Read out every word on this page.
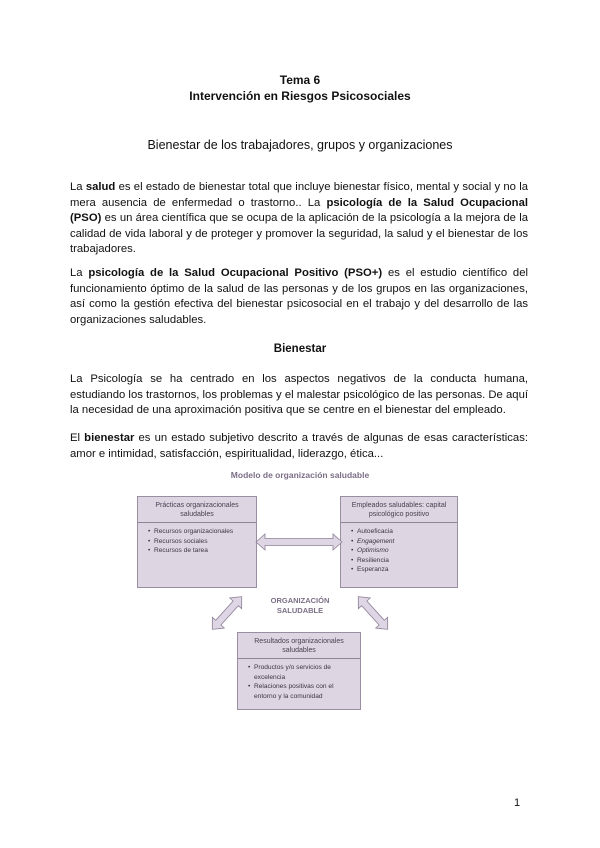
Tema 6
Intervención en Riesgos Psicosociales
Bienestar de los trabajadores, grupos y organizaciones

La salud es el estado de bienestar total que incluye bienestar físico, mental y social y no la mera ausencia de enfermedad o trastorno.. La psicología de la Salud Ocupacional (PSO) es un área científica que se ocupa de la aplicación de la psicología a la mejora de la calidad de vida laboral y de proteger y promover la seguridad, la salud y el bienestar de los trabajadores.

La psicología de la Salud Ocupacional Positivo (PSO+) es el estudio científico del funcionamiento óptimo de la salud de las personas y de los grupos en las organizaciones, así como la gestión efectiva del bienestar psicosocial en el trabajo y del desarrollo de las organizaciones saludables.

Bienestar

La Psicología se ha centrado en los aspectos negativos de la conducta humana, estudiando los trastornos, los problemas y el malestar psicológico de las personas. De aquí la necesidad de una aproximación positiva que se centre en el bienestar del empleado.

El bienestar es un estado subjetivo descrito a través de algunas de esas características: amor e intimidad, satisfacción, espiritualidad, liderazgo, ética...

Modelo de organización saludable
Prácticas organizacionales saludables
• Recursos organizacionales
• Recursos sociales
• Recursos de tarea
Empleados saludables: capital psicológico positivo
• Autoeficacia
• Engagement
• Optimismo
• Resiliencia
• Esperanza
ORGANIZACIÓN
SALUDABLE
Resultados organizacionales saludables
• Productos y/o servicios de excelencia
• Relaciones positivas con el entorno y la comunidad
1
